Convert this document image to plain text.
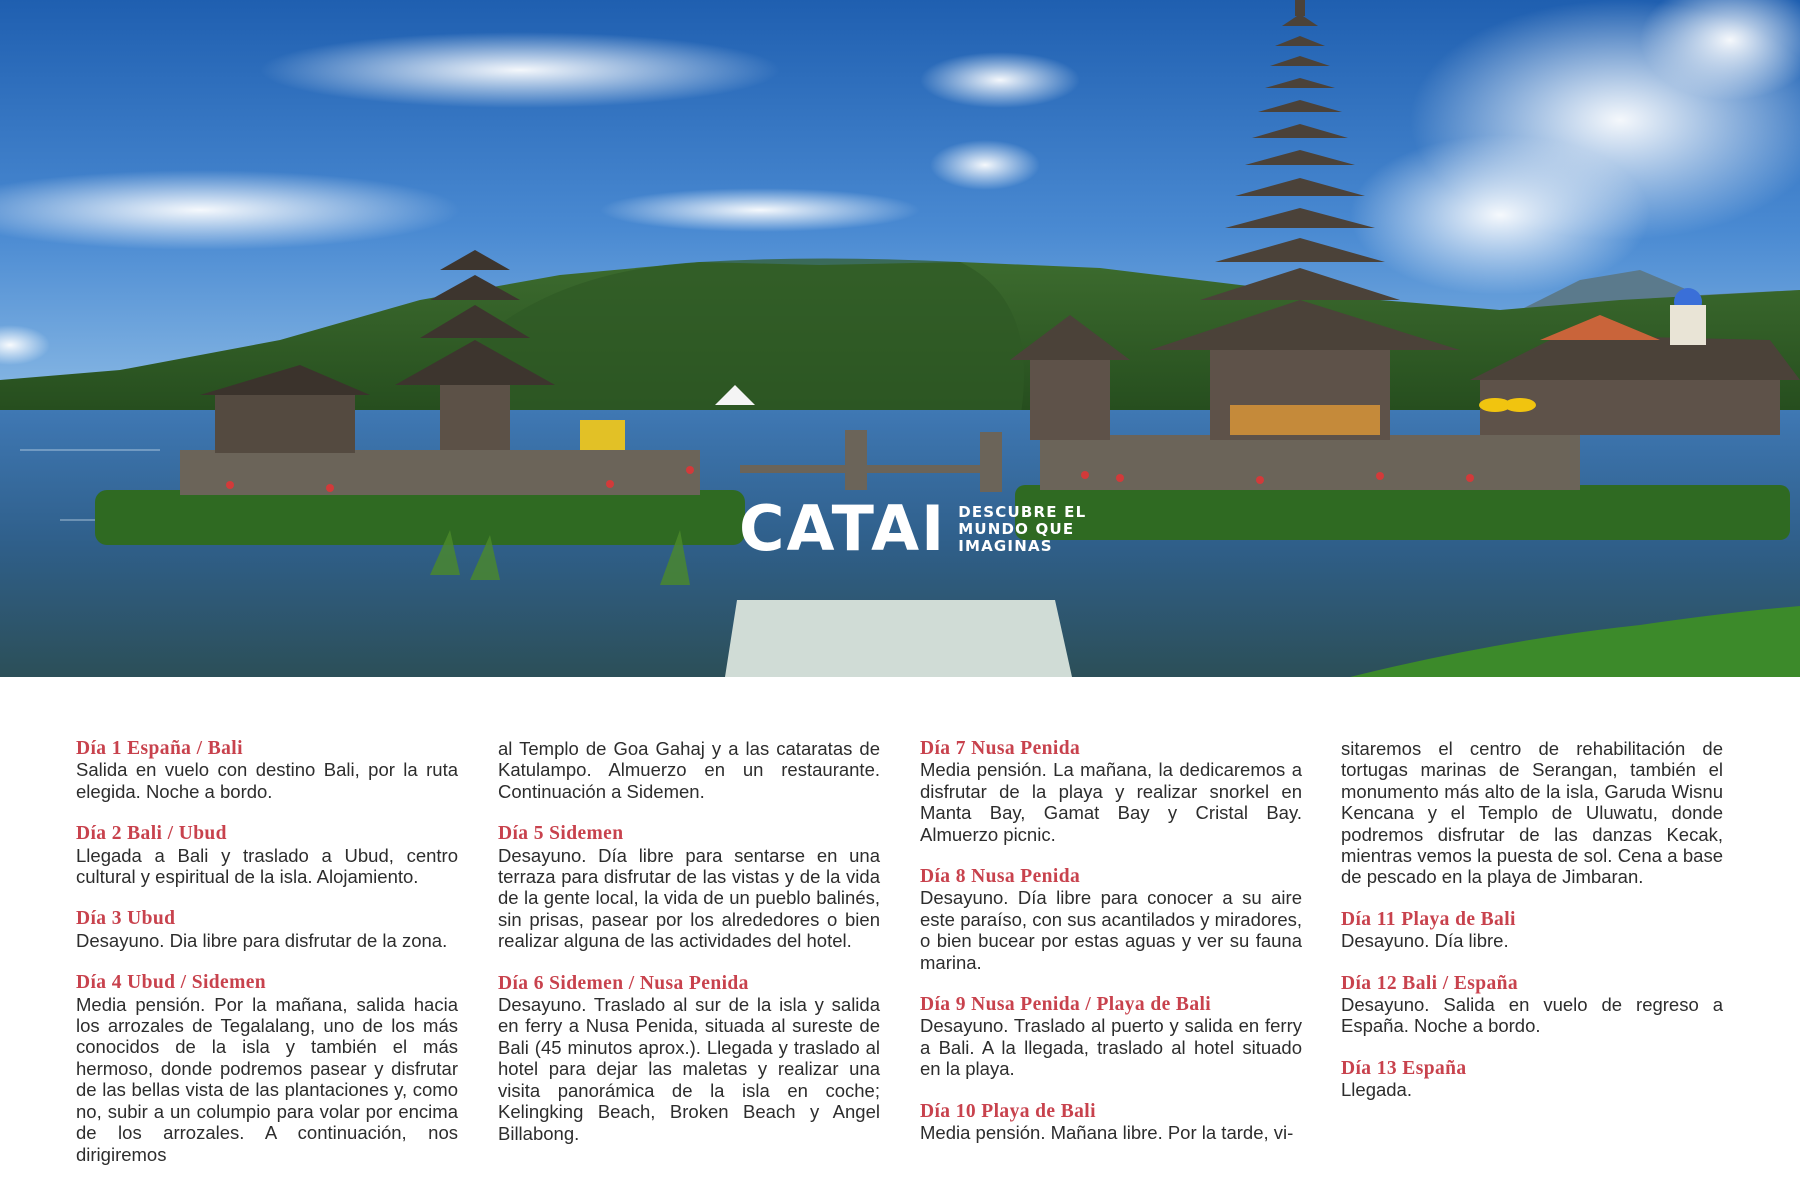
CATAI DESCUBRE EL
MUNDO QUE
IMAGINAS
Día 1 España / Bali
Salida en vuelo con destino Bali, por la ruta elegida. Noche a bordo.
Día 2 Bali / Ubud
Llegada a Bali y traslado a Ubud, centro cultural y espiritual de la isla. Alojamiento.
Día 3 Ubud
Desayuno. Dia libre para disfrutar de la zona.
Día 4 Ubud / Sidemen
Media pensión. Por la mañana, salida hacia los arrozales de Tegalalang, uno de los más conocidos de la isla y también el más hermoso, donde podremos pasear y disfrutar de las bellas vista de las plantaciones y, como no, subir a un columpio para volar por encima de los arrozales. A continuación, nos dirigiremos
al Templo de Goa Gahaj y a las cataratas de Katulampo. Almuerzo en un restaurante. Continuación a Sidemen.
Día 5 Sidemen
Desayuno. Día libre para sentarse en una terraza para disfrutar de las vistas y de la vida de la gente local, la vida de un pueblo balinés, sin prisas, pasear por los alrededores o bien realizar alguna de las actividades del hotel.
Día 6 Sidemen / Nusa Penida
Desayuno. Traslado al sur de la isla y salida en ferry a Nusa Penida, situada al sureste de Bali (45 minutos aprox.). Llegada y traslado al hotel para dejar las maletas y realizar una visita panorámica de la isla en coche; Kelingking Beach, Broken Beach y Angel Billabong.
Día 7 Nusa Penida
Media pensión. La mañana, la dedicaremos a disfrutar de la playa y realizar snorkel en Manta Bay, Gamat Bay y Cristal Bay. Almuerzo picnic.
Día 8 Nusa Penida
Desayuno. Día libre para conocer a su aire este paraíso, con sus acantilados y miradores, o bien bucear por estas aguas y ver su fauna marina.
Día 9 Nusa Penida / Playa de Bali
Desayuno. Traslado al puerto y salida en ferry a Bali. A la llegada, traslado al hotel situado en la playa.
Día 10 Playa de Bali
Media pensión. Mañana libre. Por la tarde, vi-
sitaremos el centro de rehabilitación de tortugas marinas de Serangan, también el monumento más alto de la isla, Garuda Wisnu Kencana y el Templo de Uluwatu, donde podremos disfrutar de las danzas Kecak, mientras vemos la puesta de sol. Cena a base de pescado en la playa de Jimbaran.
Día 11 Playa de Bali
Desayuno. Día libre.
Día 12 Bali / España
Desayuno. Salida en vuelo de regreso a España. Noche a bordo.
Día 13 España
Llegada.
